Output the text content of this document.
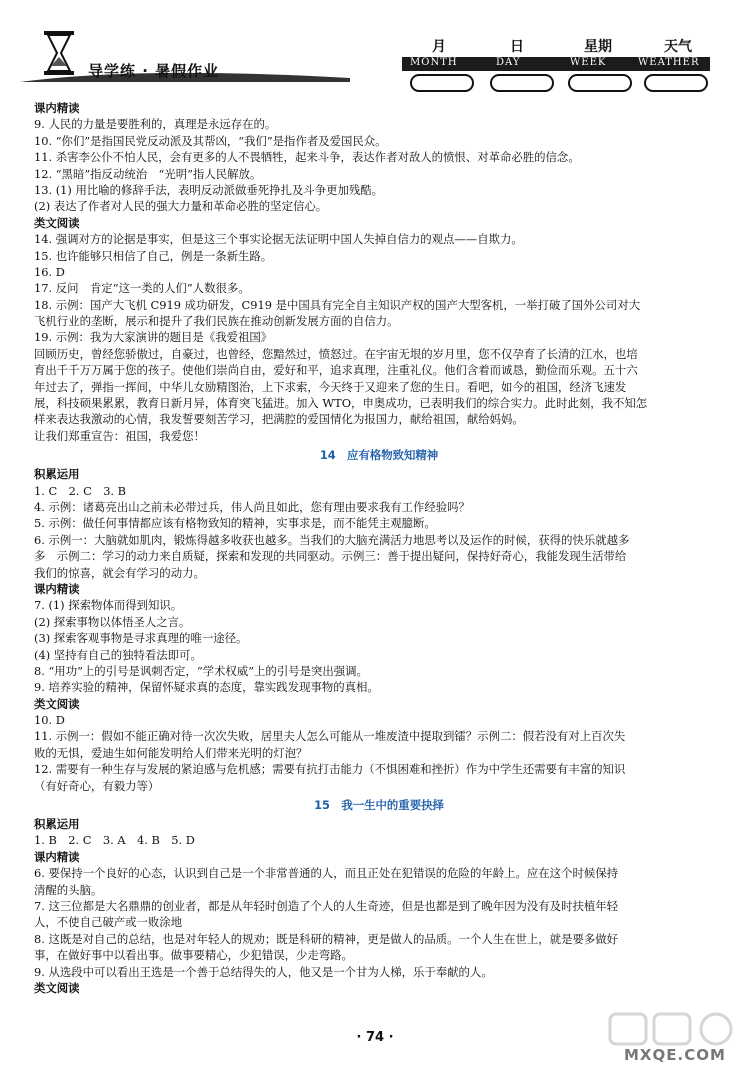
导学练 · 暑假作业
月	日	星期	天气
MONTH	DAY	WEEK	WEATHER
课内精读
9. 人民的力量是要胜利的，真理是永远存在的。
10. “你们”是指国民党反动派及其帮凶，“我们”是指作者及爱国民众。
11. 杀害李公仆不怕人民，会有更多的人不畏牺牲，起来斗争，表达作者对敌人的愤恨、对革命必胜的信念。
12. “黑暗”指反动统治　“光明”指人民解放。
13. (1) 用比喻的修辞手法，表明反动派做垂死挣扎及斗争更加残酷。
(2) 表达了作者对人民的强大力量和革命必胜的坚定信心。
类文阅读
14. 强调对方的论据是事实，但是这三个事实论据无法证明中国人失掉自信力的观点——自欺力。
15. 也许能够只相信了自己，例是一条新生路。
16. D
17. 反问　肯定“这一类的人们”人数很多。
18. 示例：国产大飞机 C919 成功研发，C919 是中国具有完全自主知识产权的国产大型客机，一举打破了国外公司对大
飞机行业的垄断，展示和提升了我们民族在推动创新发展方面的自信力。
19. 示例：我为大家演讲的题目是《我爱祖国》
回顾历史，曾经您骄傲过，自豪过，也曾经，您黯然过，愤怒过。在宇宙无垠的岁月里，您不仅孕育了长清的江水，也培
育出千千万万属于您的孩子。使他们崇尚自由，爱好和平，追求真理，注重礼仪。他们含着而诚恳，勤俭而乐观。五十六
年过去了，弹指一挥间，中华儿女励精图治，上下求索，今天终于又迎来了您的生日。看吧，如今的祖国，经济飞速发
展，科技硕果累累，教育日新月异，体育突飞猛进。加入 WTO，申奥成功，已表明我们的综合实力。此时此刻，我不知怎
样来表达我激动的心情，我发誓要刻苦学习，把满腔的爱国情化为报国力，献给祖国，献给妈妈。
让我们郑重宣告：祖国，我爱您！
14　应有格物致知精神
积累运用
1. C　2. C　3. B
4. 示例：诸葛亮出山之前未必带过兵，伟人尚且如此，您有理由要求我有工作经验吗？
5. 示例：做任何事情都应该有格物致知的精神，实事求是，而不能凭主观臆断。
6. 示例一：大脑就如肌肉，锻炼得越多收获也越多。当我们的大脑充满活力地思考以及运作的时候，获得的快乐就越多
多　示例二：学习的动力来自质疑，探索和发现的共同驱动。示例三：善于提出疑问，保持好奇心，我能发现生活带给
我们的惊喜，就会有学习的动力。
课内精读
7. (1) 探索物体而得到知识。
(2) 探索事物以体悟圣人之言。
(3) 探索客观事物是寻求真理的唯一途径。
(4) 坚持有自己的独特看法即可。
8. “用功”上的引号是讽刺否定，“学术权威”上的引号是突出强调。
9. 培养实验的精神，保留怀疑求真的态度，靠实践发现事物的真相。
类文阅读
10. D
11. 示例一：假如不能正确对待一次次失败，居里夫人怎么可能从一堆废渣中提取到镭？示例二：假若没有对上百次失
败的无惧，爱迪生如何能发明给人们带来光明的灯泡？
12. 需要有一种生存与发展的紧迫感与危机感；需要有抗打击能力（不惧困难和挫折）作为中学生还需要有丰富的知识
（有好奇心，有毅力等）
15　我一生中的重要抉择
积累运用
1. B　2. C　3. A　4. B　5. D
课内精读
6. 要保持一个良好的心态，认识到自己是一个非常普通的人，而且正处在犯错误的危险的年龄上。应在这个时候保持
清醒的头脑。
7. 这三位都是大名鼎鼎的创业者，都是从年轻时创造了个人的人生奇迹，但是也都是到了晚年因为没有及时扶植年轻
人，不使自己破产或一败涂地
8. 这既是对自己的总结，也是对年轻人的规劝；既是科研的精神，更是做人的品质。一个人生在世上，就是要多做好
事，在做好事中以看出事。做事要精心，少犯错误，少走弯路。
9. 从选段中可以看出王选是一个善于总结得失的人，他又是一个甘为人梯，乐于奉献的人。
类文阅读
· 74 ·
MXQE.COM
